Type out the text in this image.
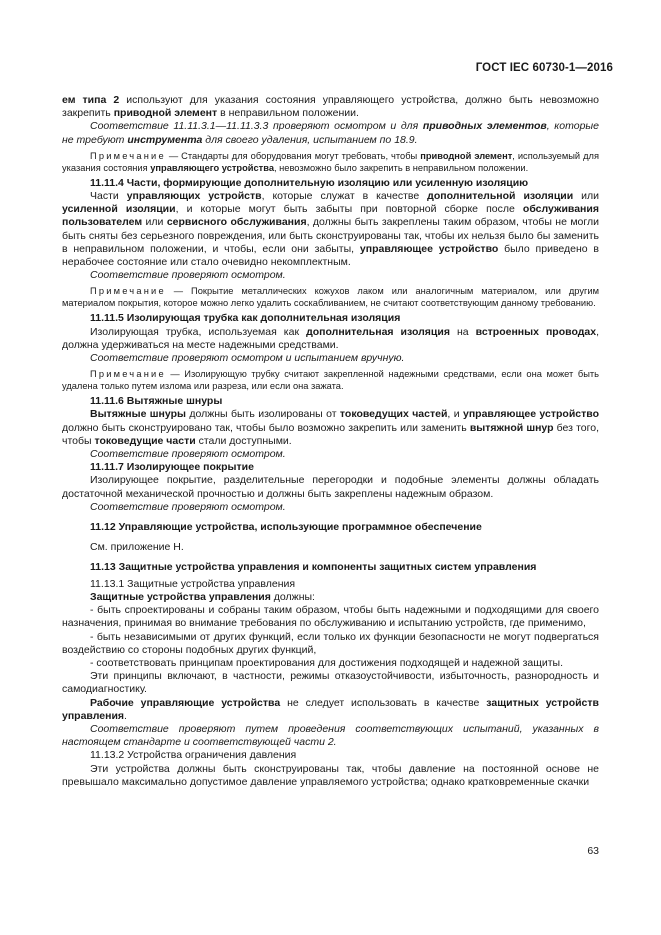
ГОСТ IEC 60730-1—2016

ем типа 2 используют для указания состояния управляющего устройства, должно быть невозможно закрепить приводной элемент в неправильном положении.

Соответствие 11.11.3.1—11.11.3.3 проверяют осмотром и для приводных элементов, которые не требуют инструмента для своего удаления, испытанием по 18.9.

Примечание — Стандарты для оборудования могут требовать, чтобы приводной элемент, используемый для указания состояния управляющего устройства, невозможно было закрепить в неправильном положении.

11.11.4 Части, формирующие дополнительную изоляцию или усиленную изоляцию

Части управляющих устройств, которые служат в качестве дополнительной изоляции или усиленной изоляции, и которые могут быть забыты при повторной сборке после обслуживания пользователем или сервисного обслуживания, должны быть закреплены таким образом, чтобы не могли быть сняты без серьезного повреждения, или быть сконструированы так, чтобы их нельзя было бы заменить в неправильном положении, и чтобы, если они забыты, управляющее устройство было приведено в нерабочее состояние или стало очевидно некомплектным.

Соответствие проверяют осмотром.

Примечание — Покрытие металлических кожухов лаком или аналогичным материалом, или другим материалом покрытия, которое можно легко удалить соскабливанием, не считают соответствующим данному требованию.

11.11.5 Изолирующая трубка как дополнительная изоляция

Изолирующая трубка, используемая как дополнительная изоляция на встроенных проводах, должна удерживаться на месте надежными средствами.

Соответствие проверяют осмотром и испытанием вручную.

Примечание — Изолирующую трубку считают закрепленной надежными средствами, если она может быть удалена только путем излома или разреза, или если она зажата.

11.11.6 Вытяжные шнуры

Вытяжные шнуры должны быть изолированы от токоведущих частей, и управляющее устройство должно быть сконструировано так, чтобы было возможно закрепить или заменить вытяжной шнур без того, чтобы токоведущие части стали доступными.

Соответствие проверяют осмотром.

11.11.7 Изолирующее покрытие

Изолирующее покрытие, разделительные перегородки и подобные элементы должны обладать достаточной механической прочностью и должны быть закреплены надежным образом.

Соответствие проверяют осмотром.

11.12 Управляющие устройства, использующие программное обеспечение

См. приложение H.

11.13 Защитные устройства управления и компоненты защитных систем управления

11.13.1 Защитные устройства управления

Защитные устройства управления должны:

- быть спроектированы и собраны таким образом, чтобы быть надежными и подходящими для своего назначения, принимая во внимание требования по обслуживанию и испытанию устройств, где применимо,

- быть независимыми от других функций, если только их функции безопасности не могут подвергаться воздействию со стороны подобных других функций,

- соответствовать принципам проектирования для достижения подходящей и надежной защиты.

Эти принципы включают, в частности, режимы отказоустойчивости, избыточность, разнородность и самодиагностику.

Рабочие управляющие устройства не следует использовать в качестве защитных устройств управления.

Соответствие проверяют путем проведения соответствующих испытаний, указанных в настоящем стандарте и соответствующей части 2.

11.13.2 Устройства ограничения давления

Эти устройства должны быть сконструированы так, чтобы давление на постоянной основе не превышало максимально допустимое давление управляемого устройства; однако кратковременные скачки

63
